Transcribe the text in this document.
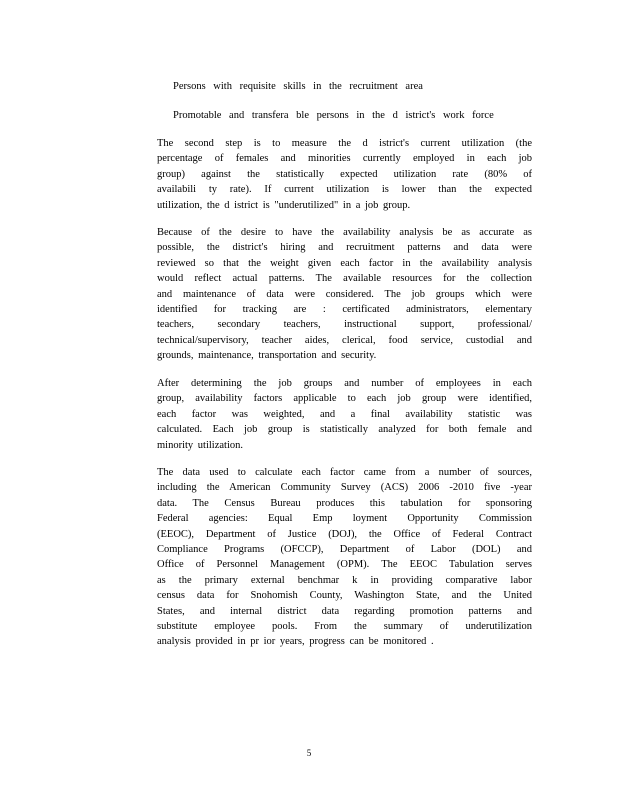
Persons with requisite skills in the recruitment area
Promotable and transfera ble persons in the d istrict's work force
The second step is to measure the d istrict's current utilization (the
percentage of females and minorities currently employed in each job
group) against the statistically expected utilization rate (80% of
availabili ty rate). If current utilization is lower than the expected
utilization, the d istrict is "underutilized" in a job group.
Because of the desire to have the availability analysis be as accurate as
possible, the district's hiring and recruitment patterns and data were
reviewed so that the weight given each factor in the availability analysis
would reflect actual patterns. The available resources for the collection
and maintenance of data were considered. The job groups which were
identified for tracking are : certificated administrators, elementary
teachers, secondary teachers, instructional support, professional/
technical/supervisory, teacher aides, clerical, food service, custodial and
grounds, maintenance, transportation and security.
After determining the job groups and number of employees in each
group, availability factors applicable to each job group were identified,
each factor was weighted, and a final availability statistic was
calculated. Each job group is statistically analyzed for both female and
minority utilization.
The data used to calculate each factor came from a number of sources,
including the American Community Survey (ACS) 2006 -2010 five -year
data. The Census Bureau produces this tabulation for sponsoring
Federal agencies: Equal Emp loyment Opportunity Commission
(EEOC), Department of Justice (DOJ), the Office of Federal Contract
Compliance Programs (OFCCP), Department of Labor (DOL) and
Office of Personnel Management (OPM). The EEOC Tabulation serves
as the primary external benchmar k in providing comparative labor
census data for Snohomish County, Washington State, and the United
States, and internal district data regarding promotion patterns and
substitute employee pools. From the summary of underutilization
analysis provided in pr ior years, progress can be monitored .
5
